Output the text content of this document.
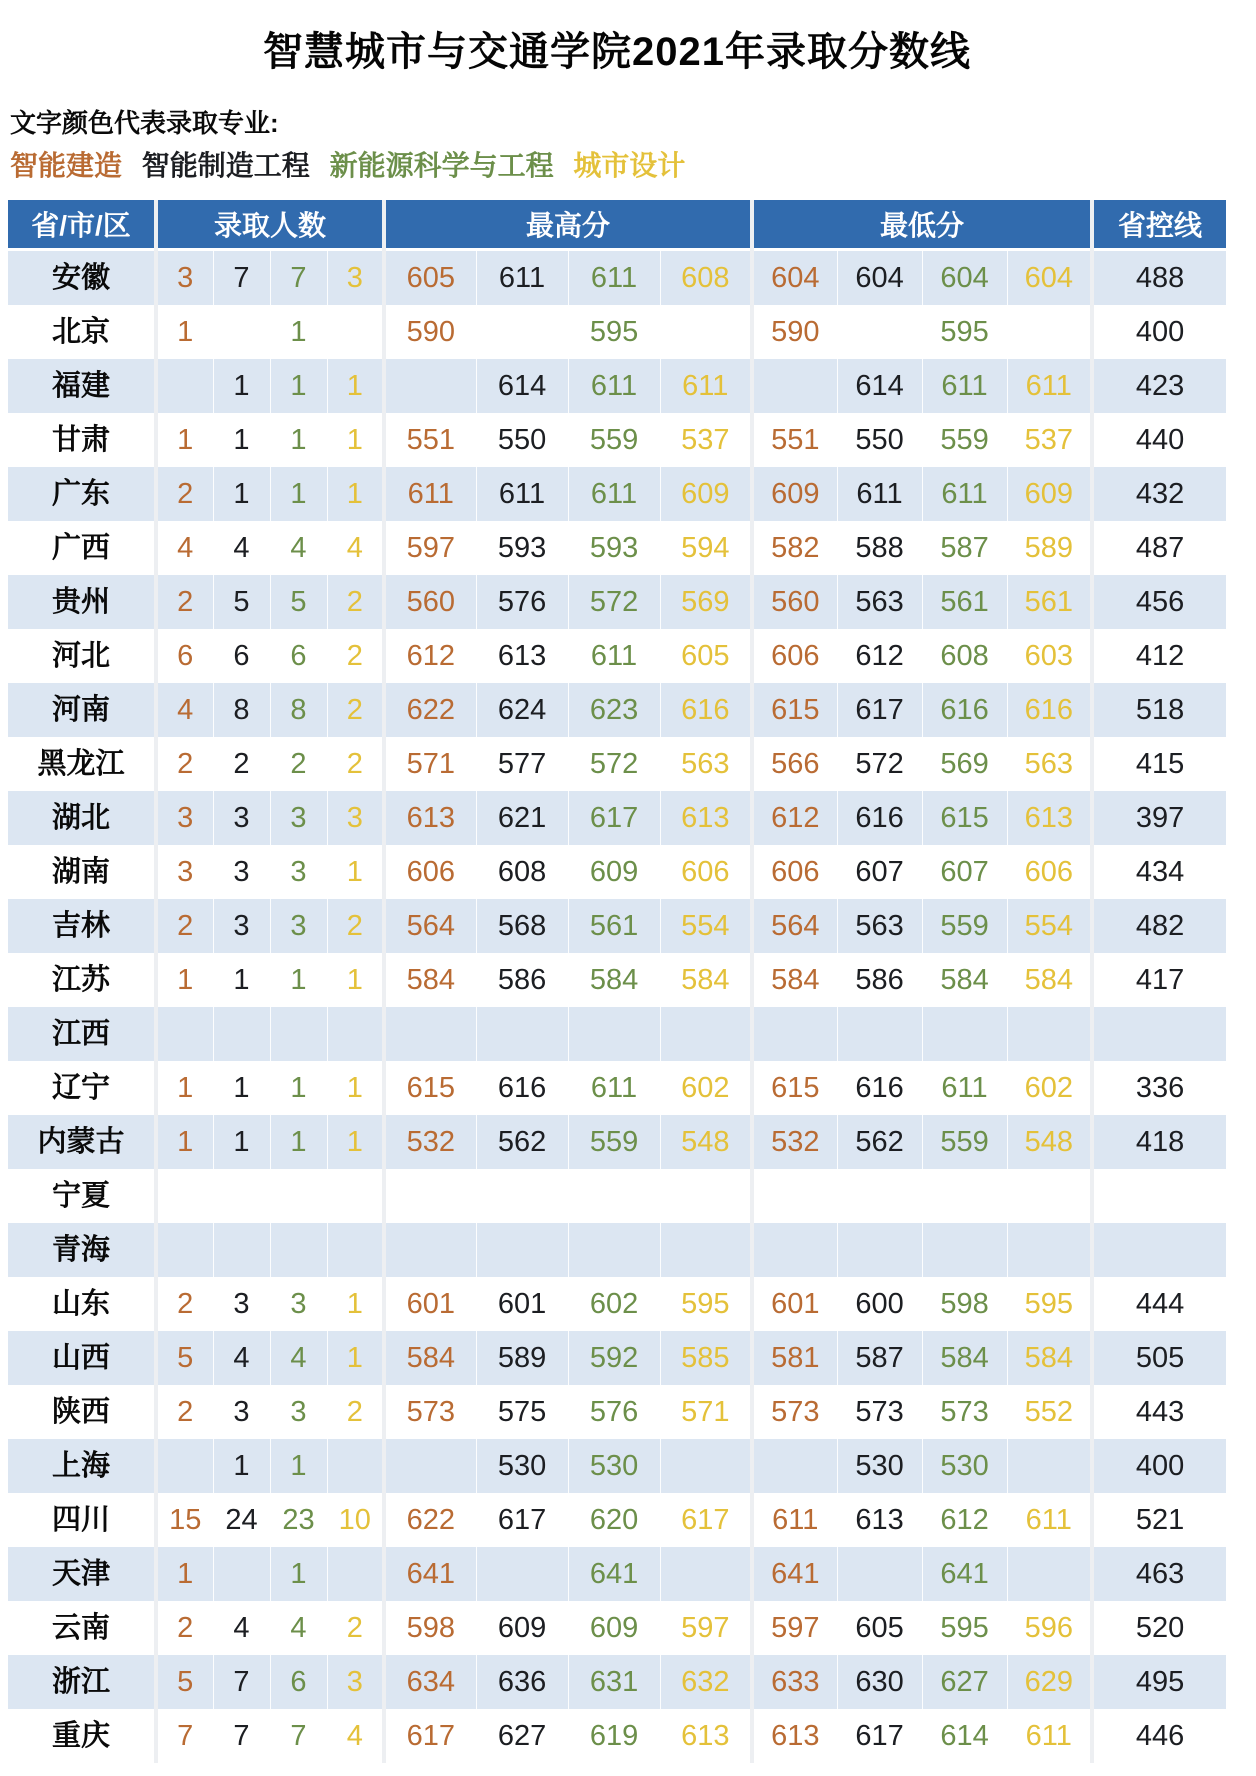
智慧城市与交通学院2021年录取分数线
文字颜色代表录取专业:
智能建造 智能制造工程 新能源科学与工程 城市设计
省/市/区	录取人数				最高分				最低分				省控线
安徽	3	7	7	3	605	611	611	608	604	604	604	604	488
北京	1		1		590		595		590		595		400
福建		1	1	1		614	611	611		614	611	611	423
甘肃	1	1	1	1	551	550	559	537	551	550	559	537	440
广东	2	1	1	1	611	611	611	609	609	611	611	609	432
广西	4	4	4	4	597	593	593	594	582	588	587	589	487
贵州	2	5	5	2	560	576	572	569	560	563	561	561	456
河北	6	6	6	2	612	613	611	605	606	612	608	603	412
河南	4	8	8	2	622	624	623	616	615	617	616	616	518
黑龙江	2	2	2	2	571	577	572	563	566	572	569	563	415
湖北	3	3	3	3	613	621	617	613	612	616	615	613	397
湖南	3	3	3	1	606	608	609	606	606	607	607	606	434
吉林	2	3	3	2	564	568	561	554	564	563	559	554	482
江苏	1	1	1	1	584	586	584	584	584	586	584	584	417
江西													
辽宁	1	1	1	1	615	616	611	602	615	616	611	602	336
内蒙古	1	1	1	1	532	562	559	548	532	562	559	548	418
宁夏													
青海													
山东	2	3	3	1	601	601	602	595	601	600	598	595	444
山西	5	4	4	1	584	589	592	585	581	587	584	584	505
陕西	2	3	3	2	573	575	576	571	573	573	573	552	443
上海		1	1			530	530			530	530		400
四川	15	24	23	10	622	617	620	617	611	613	612	611	521
天津	1		1		641		641		641		641		463
云南	2	4	4	2	598	609	609	597	597	605	595	596	520
浙江	5	7	6	3	634	636	631	632	633	630	627	629	495
重庆	7	7	7	4	617	627	619	613	613	617	614	611	446
